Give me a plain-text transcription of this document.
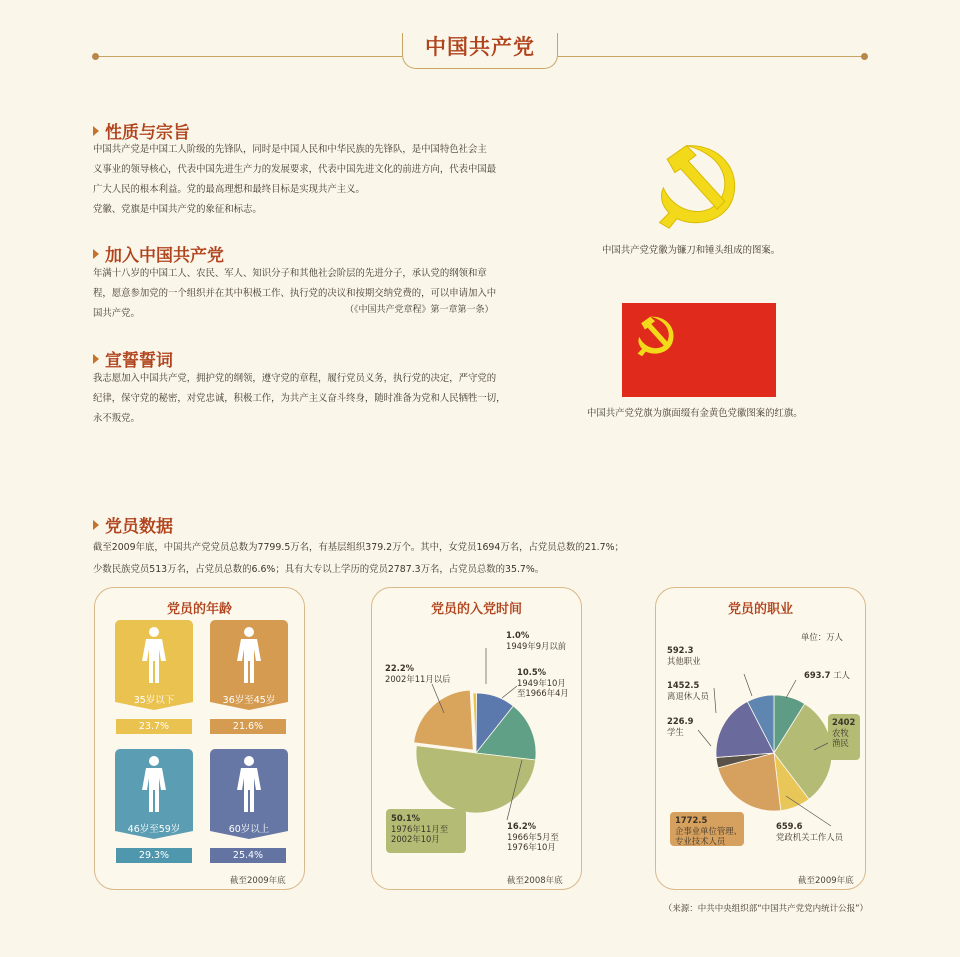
中国共产党
性质与宗旨
中国共产党是中国工人阶级的先锋队，同时是中国人民和中华民族的先锋队，是中国特色社会主
义事业的领导核心，代表中国先进生产力的发展要求，代表中国先进文化的前进方向，代表中国最
广大人民的根本利益。党的最高理想和最终目标是实现共产主义。
党徽、党旗是中国共产党的象征和标志。
加入中国共产党
年满十八岁的中国工人、农民、军人、知识分子和其他社会阶层的先进分子，承认党的纲领和章
程，愿意参加党的一个组织并在其中积极工作、执行党的决议和按期交纳党费的，可以申请加入中
国共产党。	（《中国共产党章程》第一章第一条）
宣誓誓词
我志愿加入中国共产党，拥护党的纲领，遵守党的章程，履行党员义务，执行党的决定，严守党的
纪律，保守党的秘密，对党忠诚，积极工作，为共产主义奋斗终身，随时准备为党和人民牺牲一切，
永不叛党。
中国共产党党徽为镰刀和锤头组成的图案。
中国共产党党旗为旗面缀有金黄色党徽图案的红旗。
党员数据
截至2009年底，中国共产党党员总数为7799.5万名，有基层组织379.2万个。其中，女党员1694万名，占党员总数的21.7%；
少数民族党员513万名，占党员总数的6.6%；具有大专以上学历的党员2787.3万名，占党员总数的35.7%。
党员的年龄
35岁以下	36岁至45岁
23.7%	21.6%
46岁至59岁	60岁以上
29.3%	25.4%
截至2009年底
党员的入党时间
1.0%
1949年9月以前
10.5%
1949年10月
至1966年4月
22.2%
2002年11月以后
16.2%
1966年5月至
1976年10月
50.1%
1976年11月至
2002年10月
截至2008年底
党员的职业
单位：万人
592.3
其他职业
693.7 工人
1452.5
离退休人员
2402
农牧
渔民
226.9
学生
1772.5
企事业单位管理、
专业技术人员
659.6
党政机关工作人员
截至2009年底
（来源：中共中央组织部“中国共产党党内统计公报”）
